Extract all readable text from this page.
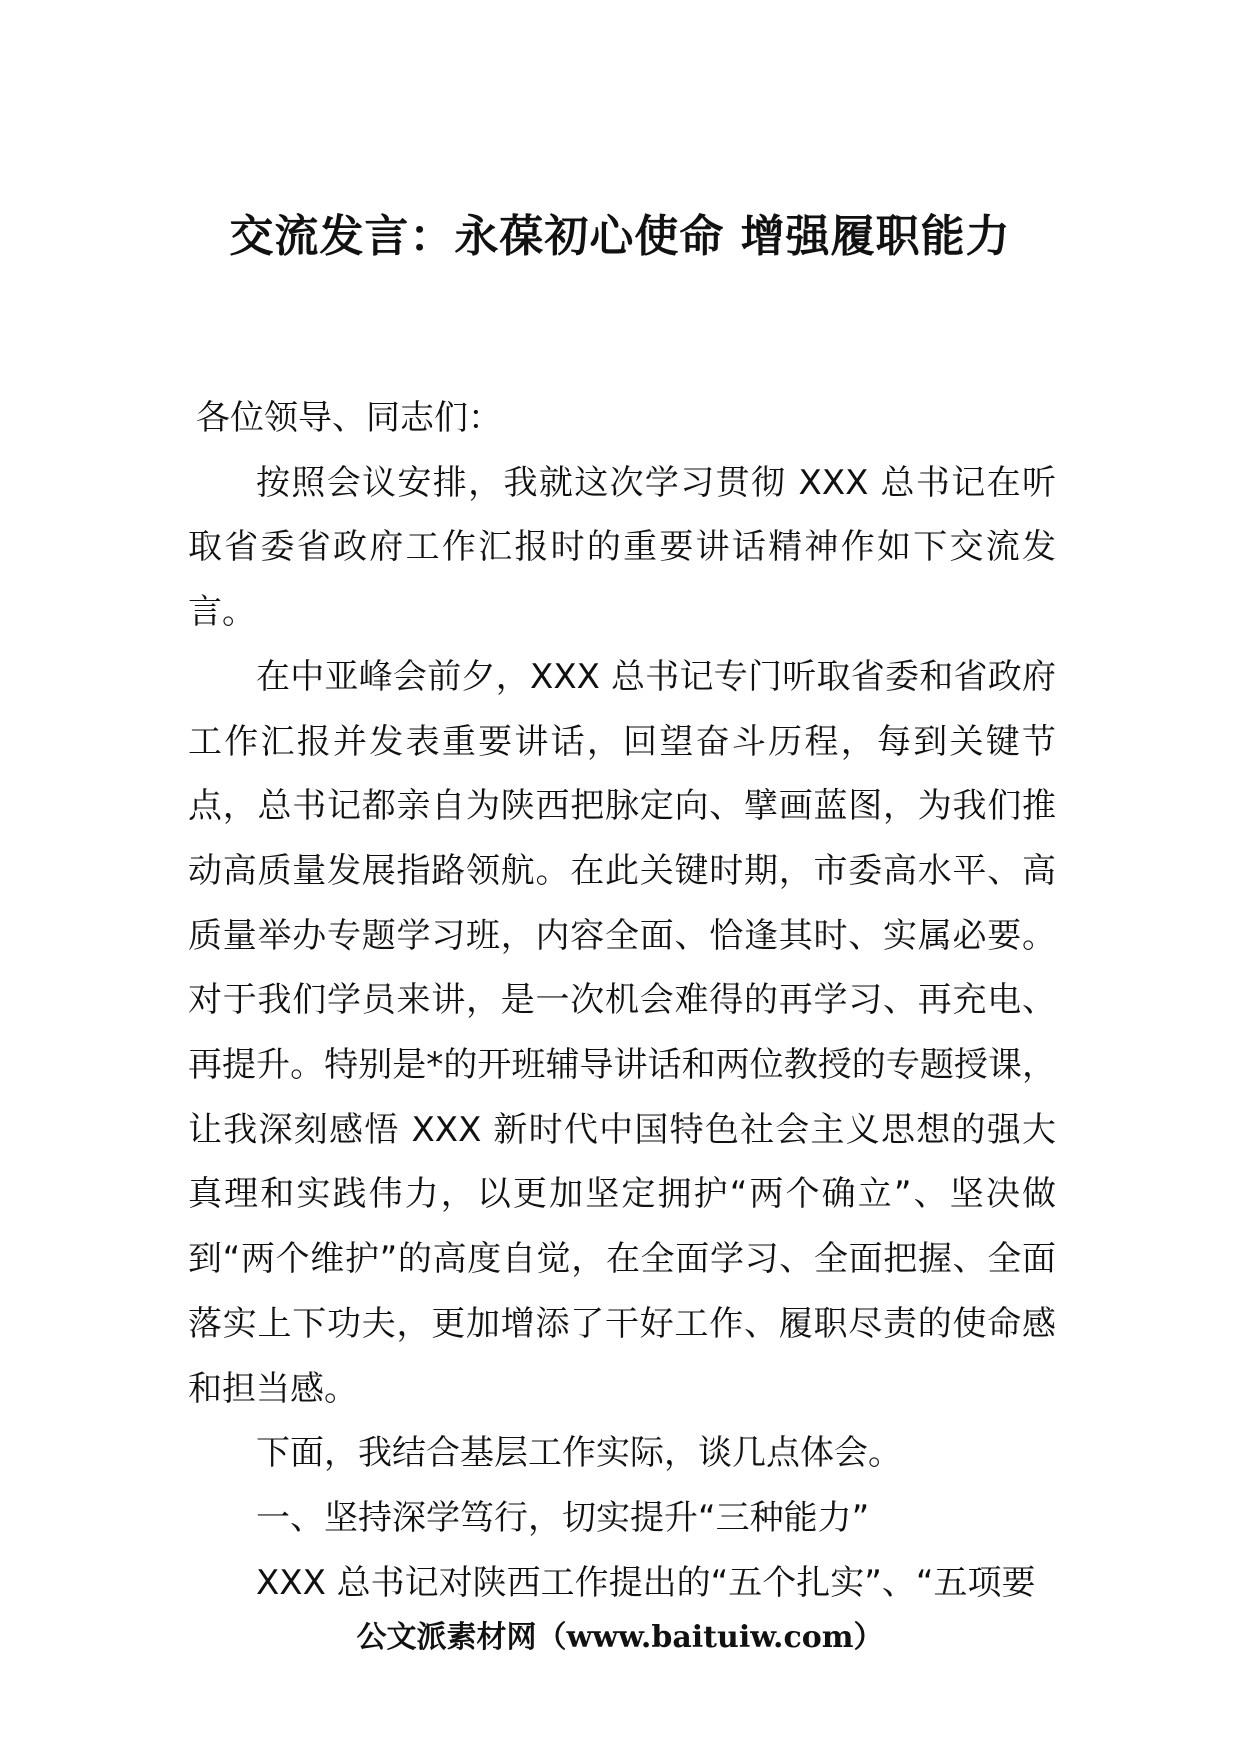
交流发言：永葆初心使命 增强履职能力

各位领导、同志们：

按照会议安排，我就这次学习贯彻 XXX 总书记在听取省委省政府工作汇报时的重要讲话精神作如下交流发言。

在中亚峰会前夕，XXX 总书记专门听取省委和省政府工作汇报并发表重要讲话，回望奋斗历程，每到关键节点，总书记都亲自为陕西把脉定向、擘画蓝图，为我们推动高质量发展指路领航。在此关键时期，市委高水平、高质量举办专题学习班，内容全面、恰逢其时、实属必要。对于我们学员来讲，是一次机会难得的再学习、再充电、再提升。特别是*的开班辅导讲话和两位教授的专题授课，让我深刻感悟 XXX 新时代中国特色社会主义思想的强大真理和实践伟力，以更加坚定拥护“两个确立”、坚决做到“两个维护”的高度自觉，在全面学习、全面把握、全面落实上下功夫，更加增添了干好工作、履职尽责的使命感和担当感。

下面，我结合基层工作实际，谈几点体会。

一、坚持深学笃行，切实提升“三种能力”

XXX 总书记对陕西工作提出的“五个扎实”、“五项要

公文派素材网（www.baituiw.com）
